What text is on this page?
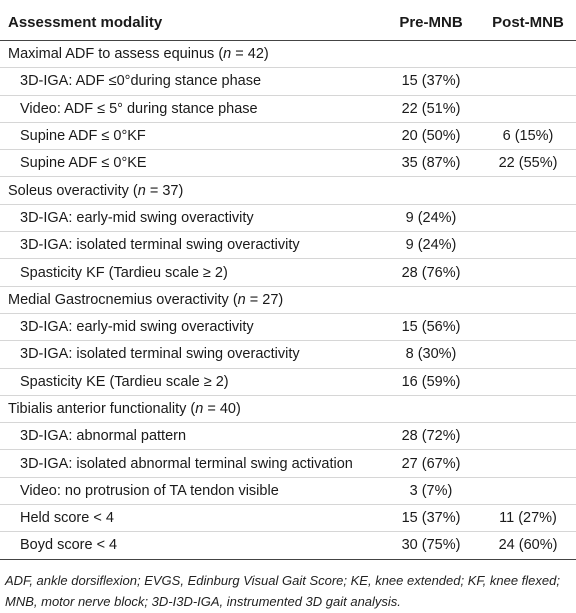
Assessment modality	Pre-MNB	Post-MNB
Maximal ADF to assess equinus (n = 42)		
3D-IGA: ADF ≤0°during stance phase	15 (37%)	
Video: ADF ≤ 5° during stance phase	22 (51%)	
Supine ADF ≤ 0°KF	20 (50%)	6 (15%)
Supine ADF ≤ 0°KE	35 (87%)	22 (55%)
Soleus overactivity (n = 37)		
3D-IGA: early-mid swing overactivity	9 (24%)	
3D-IGA: isolated terminal swing overactivity	9 (24%)	
Spasticity KF (Tardieu scale ≥ 2)	28 (76%)	
Medial Gastrocnemius overactivity (n = 27)		
3D-IGA: early-mid swing overactivity	15 (56%)	
3D-IGA: isolated terminal swing overactivity	8 (30%)	
Spasticity KE (Tardieu scale ≥ 2)	16 (59%)	
Tibialis anterior functionality (n = 40)		
3D-IGA: abnormal pattern	28 (72%)	
3D-IGA: isolated abnormal terminal swing activation	27 (67%)	
Video: no protrusion of TA tendon visible	3 (7%)	
Held score < 4	15 (37%)	11 (27%)
Boyd score < 4	30 (75%)	24 (60%)
ADF, ankle dorsiflexion; EVGS, Edinburg Visual Gait Score; KE, knee extended; KF, knee flexed; MNB, motor nerve block; 3D-I3D-IGA, instrumented 3D gait analysis.
